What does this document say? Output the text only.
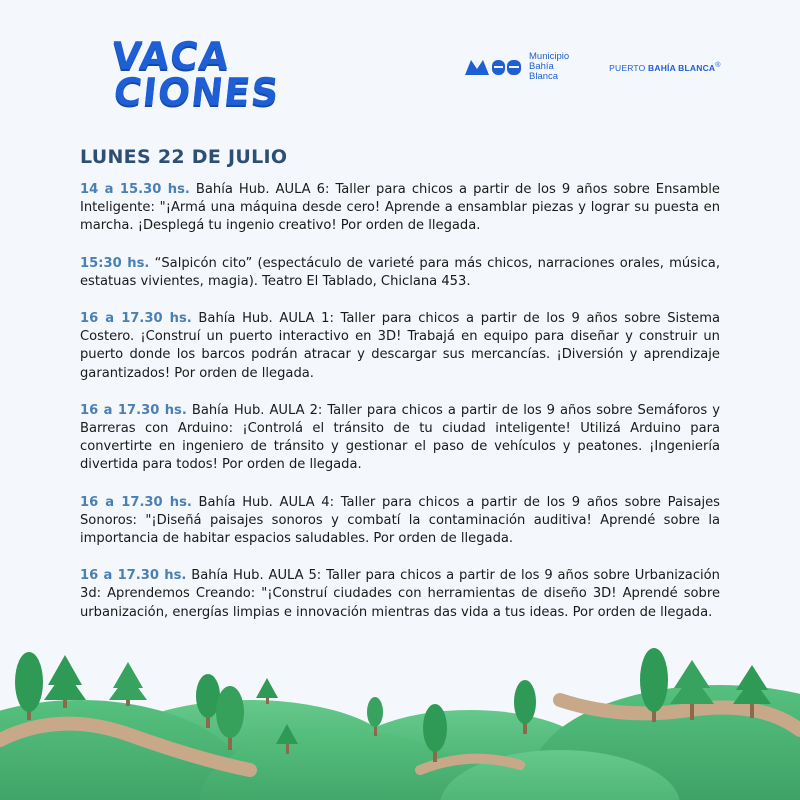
VACA
CIONES
Municipio
Bahía
Blanca
PUERTO BAHÍA BLANCA®
LUNES 22 DE JULIO

14 a 15.30 hs. Bahía Hub. AULA 6: Taller para chicos a partir de los 9 años sobre Ensamble Inteligente: "¡Armá una máquina desde cero! Aprende a ensamblar piezas y lograr su puesta en marcha. ¡Desplegá tu ingenio creativo! Por orden de llegada.

15:30 hs. “Salpicón cito” (espectáculo de varieté para más chicos, narraciones orales, música, estatuas vivientes, magia). Teatro El Tablado, Chiclana 453.

16 a 17.30 hs. Bahía Hub. AULA 1: Taller para chicos a partir de los 9 años sobre Sistema Costero. ¡Construí un puerto interactivo en 3D! Trabajá en equipo para diseñar y construir un puerto donde los barcos podrán atracar y descargar sus mercancías. ¡Diversión y aprendizaje garantizados! Por orden de llegada.

16 a 17.30 hs. Bahía Hub. AULA 2: Taller para chicos a partir de los 9 años sobre Semáforos y Barreras con Arduino: ¡Controlá el tránsito de tu ciudad inteligente! Utilizá Arduino para convertirte en ingeniero de tránsito y gestionar el paso de vehículos y peatones. ¡Ingeniería divertida para todos! Por orden de llegada.

16 a 17.30 hs. Bahía Hub. AULA 4: Taller para chicos a partir de los 9 años sobre Paisajes Sonoros: "¡Diseñá paisajes sonoros y combatí la contaminación auditiva! Aprendé sobre la importancia de habitar espacios saludables. Por orden de llegada.

16 a 17.30 hs. Bahía Hub. AULA 5: Taller para chicos a partir de los 9 años sobre Urbanización 3d: Aprendemos Creando: "¡Construí ciudades con herramientas de diseño 3D! Aprendé sobre urbanización, energías limpias e innovación mientras das vida a tus ideas. Por orden de llegada.
